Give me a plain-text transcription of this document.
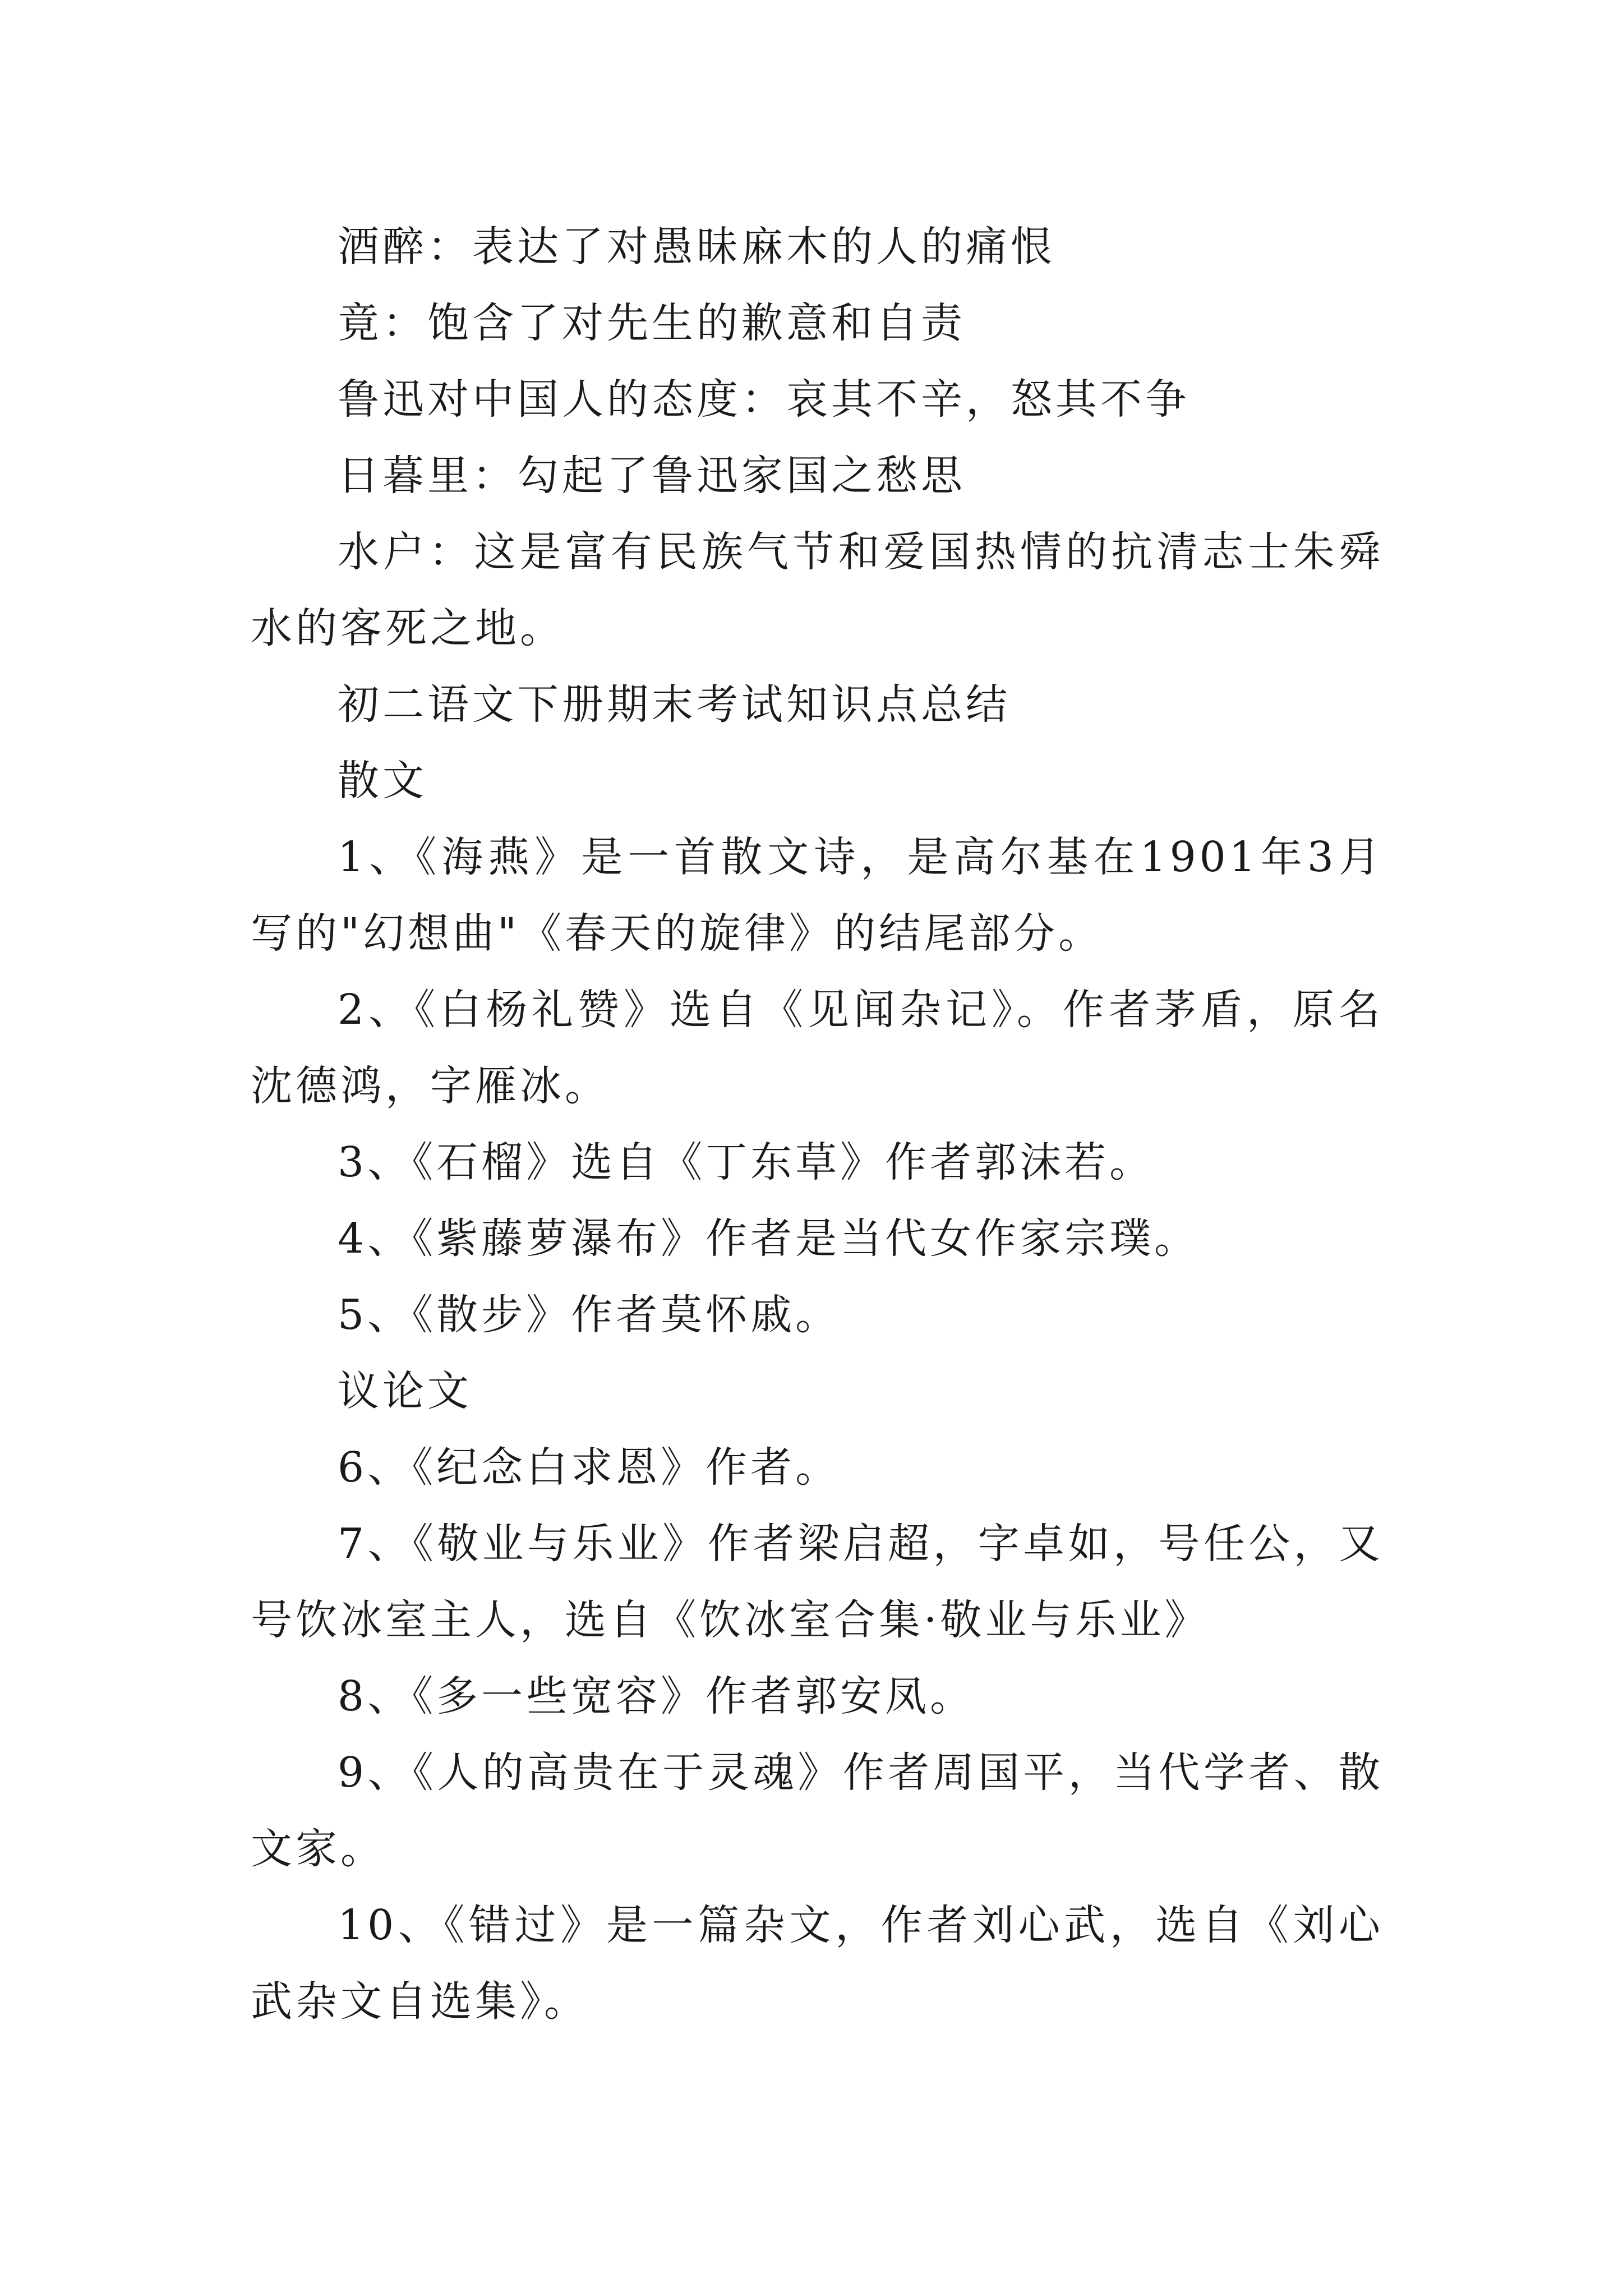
酒醉：表达了对愚昧麻木的人的痛恨

竟：饱含了对先生的歉意和自责

鲁迅对中国人的态度：哀其不辛，怒其不争

日暮里：勾起了鲁迅家国之愁思

水户：这是富有民族气节和爱国热情的抗清志士朱舜水的客死之地。

初二语文下册期末考试知识点总结

散文

1、《海燕》是一首散文诗，是高尔基在1901年3月写的"幻想曲"《春天的旋律》的结尾部分。

2、《白杨礼赞》选自《见闻杂记》。作者茅盾，原名沈德鸿，字雁冰。

3、《石榴》选自《丁东草》作者郭沫若。

4、《紫藤萝瀑布》作者是当代女作家宗璞。

5、《散步》作者莫怀戚。

议论文

6、《纪念白求恩》作者。

7、《敬业与乐业》作者梁启超，字卓如，号任公，又号饮冰室主人，选自《饮冰室合集·敬业与乐业》

8、《多一些宽容》作者郭安凤。

9、《人的高贵在于灵魂》作者周国平，当代学者、散文家。

10、《错过》是一篇杂文，作者刘心武，选自《刘心武杂文自选集》。
